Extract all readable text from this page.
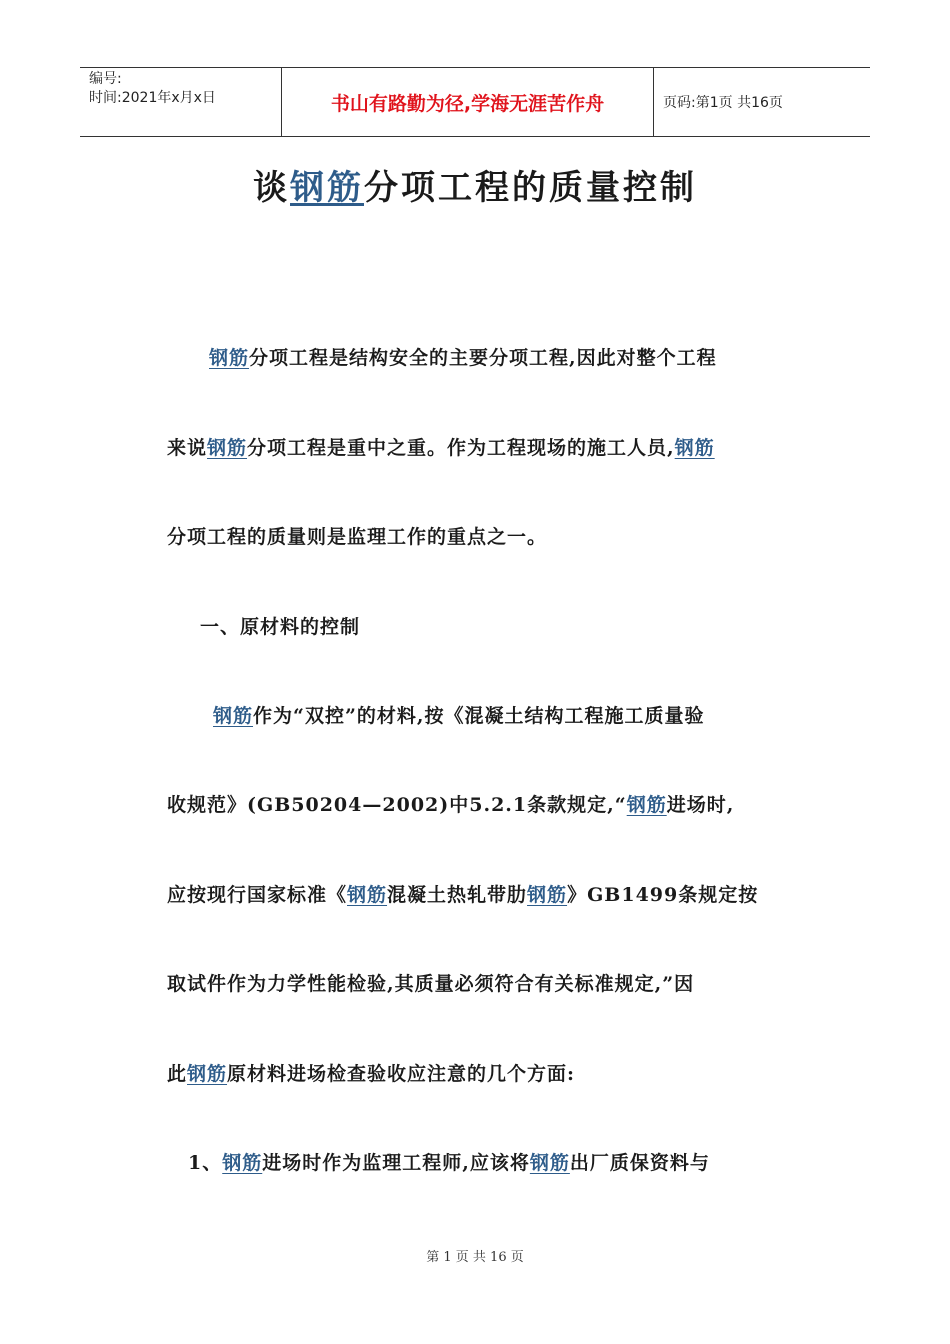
编号:
时间:2021年x月x日	书山有路勤为径,学海无涯苦作舟	页码:第1页 共16页
谈钢筋分项工程的质量控制
钢筋分项工程是结构安全的主要分项工程,因此对整个工程
来说钢筋分项工程是重中之重。作为工程现场的施工人员,钢筋
分项工程的质量则是监理工作的重点之一。
一、原材料的控制
钢筋作为“双控”的材料,按《混凝土结构工程施工质量验
收规范》(GB50204—2002)中5.2.1条款规定,“钢筋进场时,
应按现行国家标准《钢筋混凝土热轧带肋钢筋》GB1499条规定按
取试件作为力学性能检验,其质量必须符合有关标准规定,”因
此钢筋原材料进场检查验收应注意的几个方面:
1、钢筋进场时作为监理工程师,应该将钢筋出厂质保资料与
第 1 页 共 16 页
